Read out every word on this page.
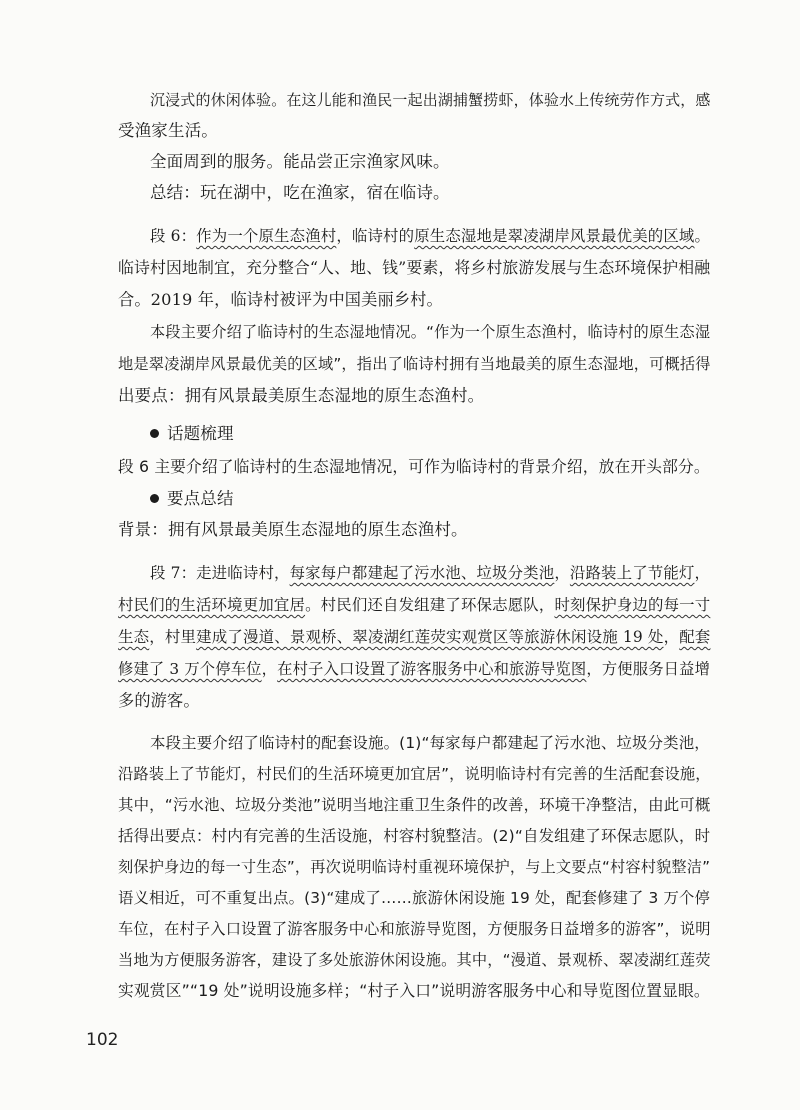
沉浸式的休闲体验。在这儿能和渔民一起出湖捕蟹捞虾，体验水上传统劳作方式，感
受渔家生活。
全面周到的服务。能品尝正宗渔家风味。
总结：玩在湖中，吃在渔家，宿在临诗。
段 6：作为一个原生态渔村，临诗村的原生态湿地是翠凌湖岸风景最优美的区域。
临诗村因地制宜，充分整合“人、地、钱”要素，将乡村旅游发展与生态环境保护相融
合。2019 年，临诗村被评为中国美丽乡村。
本段主要介绍了临诗村的生态湿地情况。“作为一个原生态渔村，临诗村的原生态湿
地是翠凌湖岸风景最优美的区域”，指出了临诗村拥有当地最美的原生态湿地，可概括得
出要点：拥有风景最美原生态湿地的原生态渔村。
话题梳理
段 6 主要介绍了临诗村的生态湿地情况，可作为临诗村的背景介绍，放在开头部分。
要点总结
背景：拥有风景最美原生态湿地的原生态渔村。
段 7：走进临诗村，每家每户都建起了污水池、垃圾分类池，沿路装上了节能灯，
村民们的生活环境更加宜居。村民们还自发组建了环保志愿队，时刻保护身边的每一寸
生态，村里建成了漫道、景观桥、翠凌湖红莲荧实观赏区等旅游休闲设施 19 处，配套
修建了 3 万个停车位，在村子入口设置了游客服务中心和旅游导览图，方便服务日益增
多的游客。
本段主要介绍了临诗村的配套设施。(1)“每家每户都建起了污水池、垃圾分类池，
沿路装上了节能灯，村民们的生活环境更加宜居”，说明临诗村有完善的生活配套设施，
其中，“污水池、垃圾分类池”说明当地注重卫生条件的改善，环境干净整洁，由此可概
括得出要点：村内有完善的生活设施，村容村貌整洁。(2)“自发组建了环保志愿队，时
刻保护身边的每一寸生态”，再次说明临诗村重视环境保护，与上文要点“村容村貌整洁”
语义相近，可不重复出点。(3)“建成了……旅游休闲设施 19 处，配套修建了 3 万个停
车位，在村子入口设置了游客服务中心和旅游导览图，方便服务日益增多的游客”，说明
当地为方便服务游客，建设了多处旅游休闲设施。其中，“漫道、景观桥、翠凌湖红莲荧
实观赏区”“19 处”说明设施多样；“村子入口”说明游客服务中心和导览图位置显眼。
102
